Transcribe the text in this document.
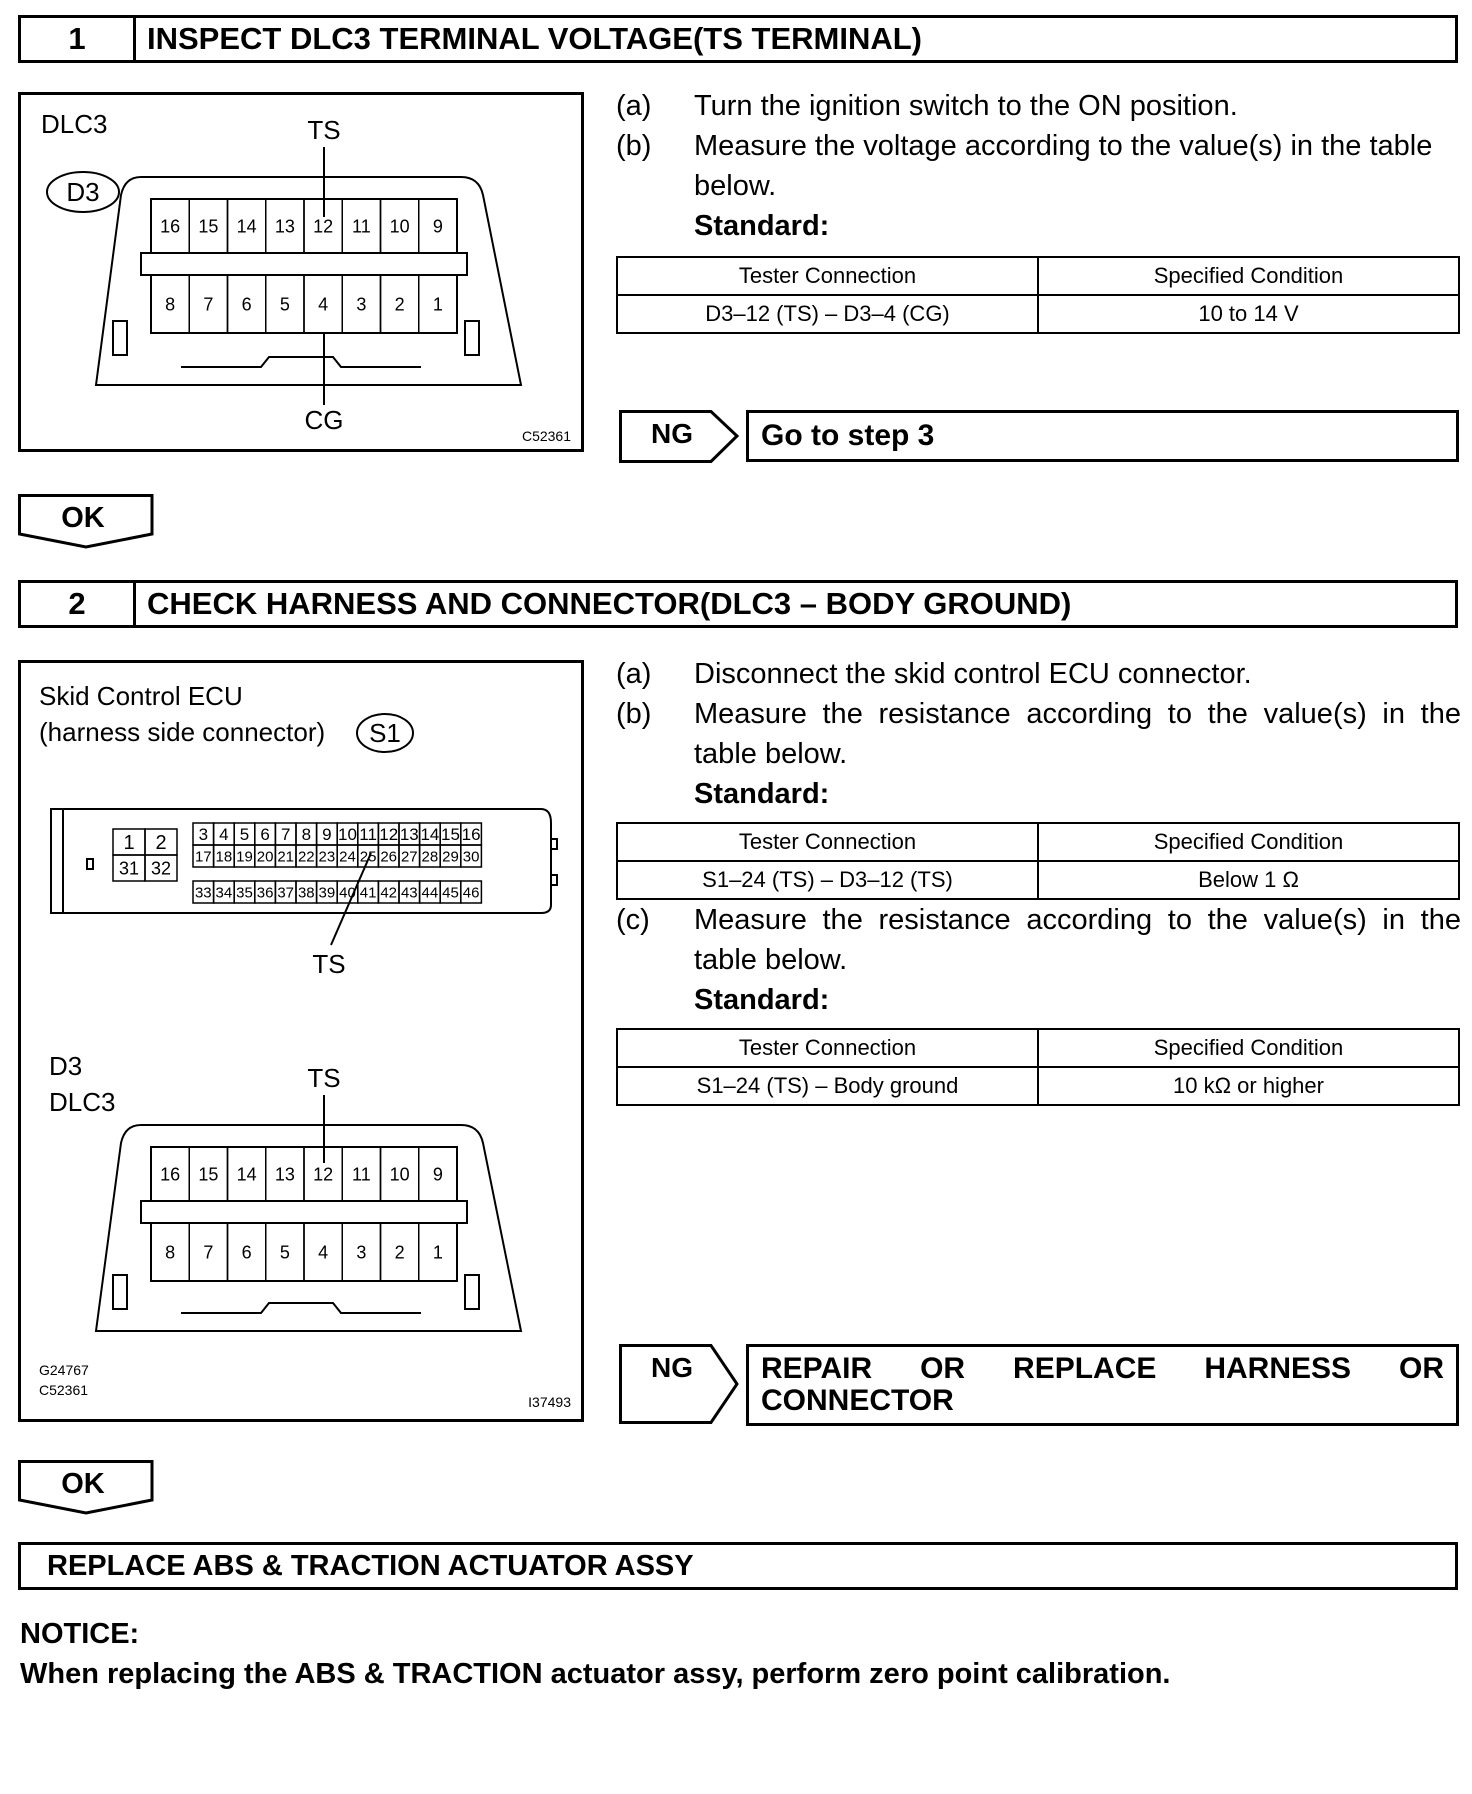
1	INSPECT DLC3 TERMINAL VOLTAGE(TS TERMINAL)
DLC3
D3
TS
16 15 14 13 12 11 10 9
8 7 6 5 4 3 2 1
CG
C52361
(a)	Turn the ignition switch to the ON position.
(b)	Measure the voltage according to the value(s) in the table below.
Standard:
Tester Connection	Specified Condition
D3–12 (TS) – D3–4 (CG)	10 to 14 V
NG	Go to step 3
OK
2	CHECK HARNESS AND CONNECTOR(DLC3 – BODY GROUND)
Skid Control ECU
(harness side connector) S1
1 2
31 32
3 4 5 6 7 8 9 10 11 12 13 14 15 16
17 18 19 20 21 22 23 24 25 26 27 28 29 30
33 34 35 36 37 38 39 40 41 42 43 44 45 46
TS
D3
DLC3
TS
16 15 14 13 12 11 10 9
8 7 6 5 4 3 2 1
G24767
C52361
I37493
(a)	Disconnect the skid control ECU connector.
(b)	Measure the resistance according to the value(s) in the table below.
Standard:
Tester Connection	Specified Condition
S1–24 (TS) – D3–12 (TS)	Below 1 Ω
(c)	Measure the resistance according to the value(s) in the table below.
Standard:
Tester Connection	Specified Condition
S1–24 (TS) – Body ground	10 kΩ or higher
NG REPAIR OR REPLACE HARNESS OR
CONNECTOR
OK
REPLACE ABS & TRACTION ACTUATOR ASSY
NOTICE:
When replacing the ABS & TRACTION actuator assy, perform zero point calibration.
